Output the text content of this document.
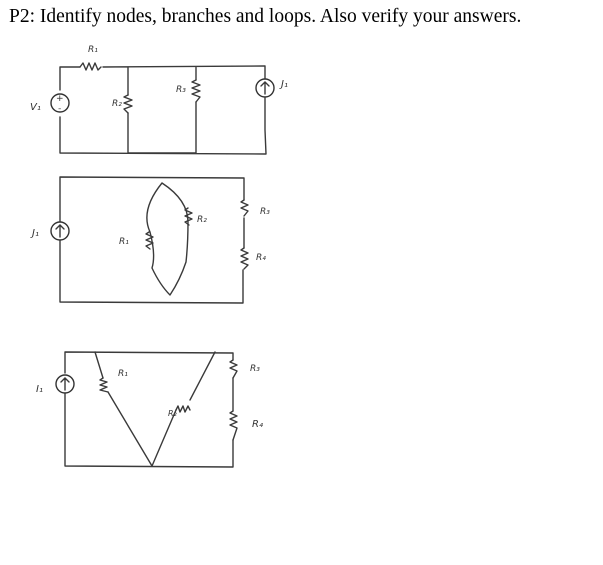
P2: Identify nodes, branches and loops. Also verify your answers.
+
-
V₁
R₁
R₂
R₃	J₁
J₁
R₁
R₂
R₃
R₄
I₁
R₁
R₂
R₃
R₄
